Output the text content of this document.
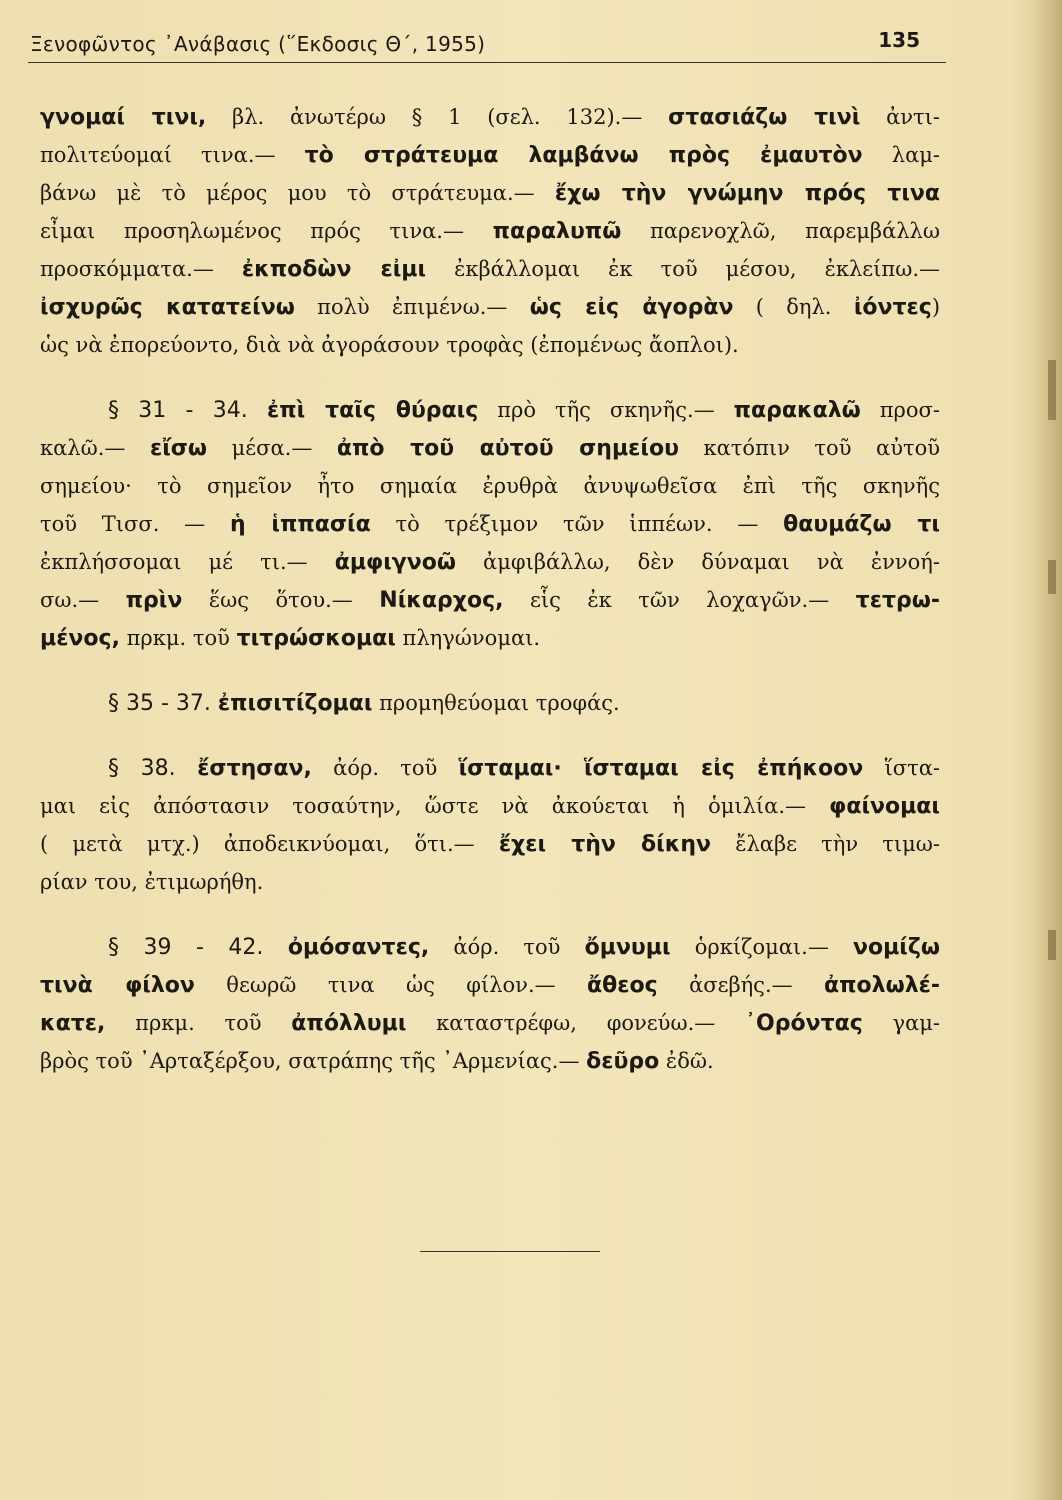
Ξενοφῶντος ᾿Ανάβασις (῞Εκδοσις Θ΄, 1955)	135
γνομαί τινι, βλ. ἀνωτέρω § 1 (σελ. 132).— στασιάζω τινὶ ἀντι-
πολιτεύομαί τινα.— τὸ στράτευμα λαμβάνω πρὸς ἐμαυτὸν λαμ-
βάνω μὲ τὸ μέρος μου τὸ στράτευμα.— ἔχω τὴν γνώμην πρός τινα
εἶμαι προσηλωμένος πρός τινα.— παραλυπῶ παρενοχλῶ, παρεμβάλλω
προσκόμματα.— ἐκποδὼν εἰμι ἐκβάλλομαι ἐκ τοῦ μέσου, ἐκλείπω.—
ἰσχυρῶς κατατείνω πολὺ ἐπιμένω.— ὡς εἰς ἀγορὰν ( δηλ. ἰόντες)
ὡς νὰ ἐπορεύοντο, διὰ νὰ ἀγοράσουν τροφὰς (ἐπομένως ἄοπλοι).
§ 31 - 34. ἐπὶ ταῖς θύραις πρὸ τῆς σκηνῆς.— παρακαλῶ προσ-
καλῶ.— εἴσω μέσα.— ἀπὸ τοῦ αὐτοῦ σημείου κατόπιν τοῦ αὐτοῦ
σημείου· τὸ σημεῖον ἦτο σημαία ἐρυθρὰ ἀνυψωθεῖσα ἐπὶ τῆς σκηνῆς
τοῦ Τισσ. — ἡ ἱππασία τὸ τρέξιμον τῶν ἱππέων. — θαυμάζω τι
ἐκπλήσσομαι μέ τι.— ἀμφιγνοῶ ἀμφιβάλλω, δὲν δύναμαι νὰ ἐννοή-
σω.— πρὶν ἕως ὅτου.— Νίκαρχος, εἷς ἐκ τῶν λοχαγῶν.— τετρω-
μένος, πρκμ. τοῦ τιτρώσκομαι πληγώνομαι.
§ 35 - 37. ἐπισιτίζομαι προμηθεύομαι τροφάς.
§ 38. ἔστησαν, ἀόρ. τοῦ ἵσταμαι· ἵσταμαι εἰς ἐπήκοον ἵστα-
μαι εἰς ἀπόστασιν τοσαύτην, ὥστε νὰ ἀκούεται ἡ ὁμιλία.— φαίνομαι
( μετὰ μτχ.) ἀποδεικνύομαι, ὅτι.— ἔχει τὴν δίκην ἔλαβε τὴν τιμω-
ρίαν του, ἐτιμωρήθη.
§ 39 - 42. ὀμόσαντες, ἀόρ. τοῦ ὄμνυμι ὁρκίζομαι.— νομίζω
τινὰ φίλον θεωρῶ τινα ὡς φίλον.— ἄθεος ἀσεβής.— ἀπολωλέ-
κατε, πρκμ. τοῦ ἀπόλλυμι καταστρέφω, φονεύω.— ᾿Ορόντας γαμ-
βρὸς τοῦ ᾿Αρταξέρξου, σατράπης τῆς ᾿Αρμενίας.— δεῦρο ἐδῶ.
